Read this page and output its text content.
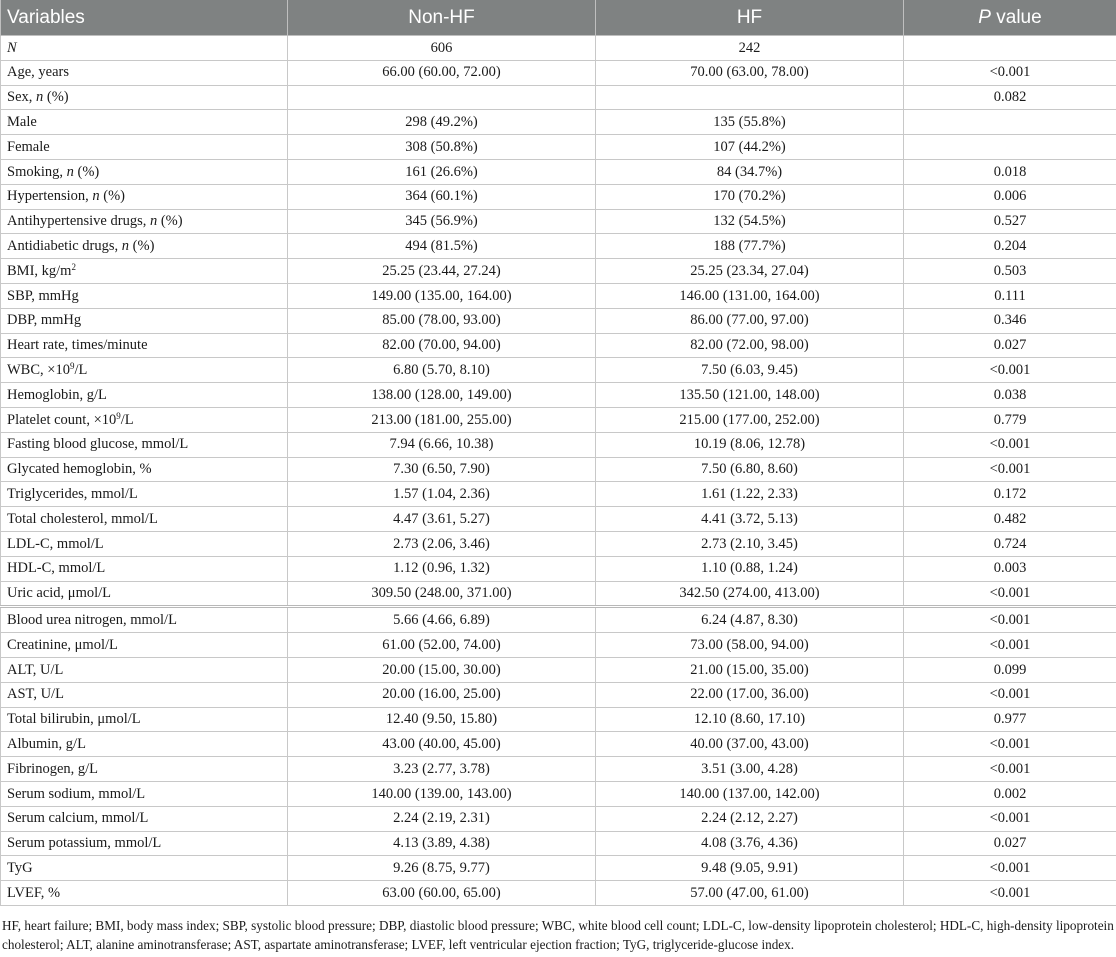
Variables	Non-HF	HF	P value
N	606	242	
Age, years	66.00 (60.00, 72.00)	70.00 (63.00, 78.00)	<0.001
Sex, n (%)			0.082
Male	298 (49.2%)	135 (55.8%)	
Female	308 (50.8%)	107 (44.2%)	
Smoking, n (%)	161 (26.6%)	84 (34.7%)	0.018
Hypertension, n (%)	364 (60.1%)	170 (70.2%)	0.006
Antihypertensive drugs, n (%)	345 (56.9%)	132 (54.5%)	0.527
Antidiabetic drugs, n (%)	494 (81.5%)	188 (77.7%)	0.204
BMI, $kg/m^2$	25.25 (23.44, 27.24)	25.25 (23.34, 27.04)	0.503
SBP, mmHg	149.00 (135.00, 164.00)	146.00 (131.00, 164.00)	0.111
DBP, mmHg	85.00 (78.00, 93.00)	86.00 (77.00, 97.00)	0.346
Heart rate, times/minute	82.00 (70.00, 94.00)	82.00 (72.00, 98.00)	0.027
WBC, $\times 10^9/L$	6.80 (5.70, 8.10)	7.50 (6.03, 9.45)	<0.001
Hemoglobin, g/L	138.00 (128.00, 149.00)	135.50 (121.00, 148.00)	0.038
Platelet count, $\times 10^9/L$	213.00 (181.00, 255.00)	215.00 (177.00, 252.00)	0.779
Fasting blood glucose, mmol/L	7.94 (6.66, 10.38)	10.19 (8.06, 12.78)	<0.001
Glycated hemoglobin, %	7.30 (6.50, 7.90)	7.50 (6.80, 8.60)	<0.001
Triglycerides, mmol/L	1.57 (1.04, 2.36)	1.61 (1.22, 2.33)	0.172
Total cholesterol, mmol/L	4.47 (3.61, 5.27)	4.41 (3.72, 5.13)	0.482
LDL-C, mmol/L	2.73 (2.06, 3.46)	2.73 (2.10, 3.45)	0.724
HDL-C, mmol/L	1.12 (0.96, 1.32)	1.10 (0.88, 1.24)	0.003
Uric acid, μmol/L	309.50 (248.00, 371.00)	342.50 (274.00, 413.00)	<0.001
Blood urea nitrogen, mmol/L	5.66 (4.66, 6.89)	6.24 (4.87, 8.30)	<0.001
Creatinine, μmol/L	61.00 (52.00, 74.00)	73.00 (58.00, 94.00)	<0.001
ALT, U/L	20.00 (15.00, 30.00)	21.00 (15.00, 35.00)	0.099
AST, U/L	20.00 (16.00, 25.00)	22.00 (17.00, 36.00)	<0.001
Total bilirubin, μmol/L	12.40 (9.50, 15.80)	12.10 (8.60, 17.10)	0.977
Albumin, g/L	43.00 (40.00, 45.00)	40.00 (37.00, 43.00)	<0.001
Fibrinogen, g/L	3.23 (2.77, 3.78)	3.51 (3.00, 4.28)	<0.001
Serum sodium, mmol/L	140.00 (139.00, 143.00)	140.00 (137.00, 142.00)	0.002
Serum calcium, mmol/L	2.24 (2.19, 2.31)	2.24 (2.12, 2.27)	<0.001
Serum potassium, mmol/L	4.13 (3.89, 4.38)	4.08 (3.76, 4.36)	0.027
TyG	9.26 (8.75, 9.77)	9.48 (9.05, 9.91)	<0.001
LVEF, %	63.00 (60.00, 65.00)	57.00 (47.00, 61.00)	<0.001
HF, heart failure; BMI, body mass index; SBP, systolic blood pressure; DBP, diastolic blood pressure; WBC, white blood cell count; LDL-C, low-density lipoprotein cholesterol; HDL-C, high-density lipoprotein cholesterol; ALT, alanine aminotransferase; AST, aspartate aminotransferase; LVEF, left ventricular ejection fraction; TyG, triglyceride-glucose index.
